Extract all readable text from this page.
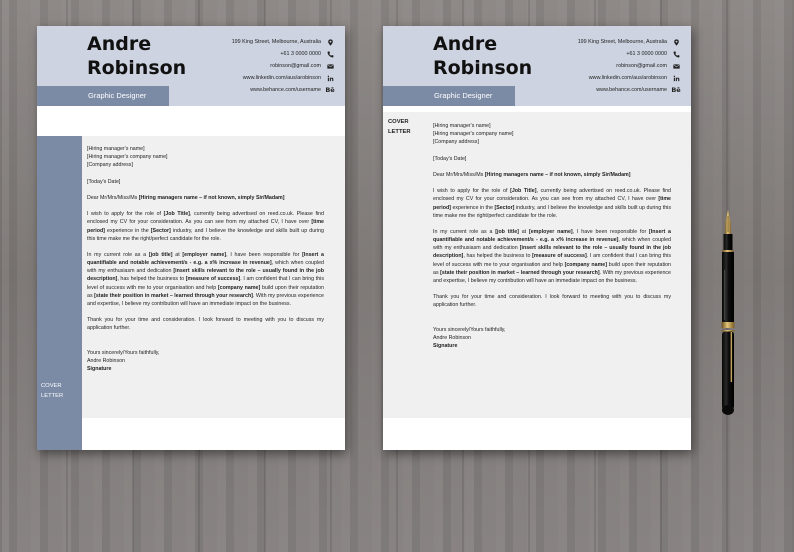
Andre
Robinson
199 King Street, Melbourne, Australia
+61 3 0000 0000
robinson@gmail.com
www.linkedin.com/aus/arobinson
www.behance.com/username Bē
Graphic Designer
COVER
LETTER
[Hiring manager's name]
[Hiring manager's company name]
[Company address]
[Today's Date]
Dear Mr/Mrs/Miss/Ms [Hiring managers name – if not known, simply Sir/Madam]
I wish to apply for the role of [Job Title], currently being advertised on reed.co.uk. Please find enclosed my CV for your consideration. As you can see from my attached CV, I have over [time period] experience in the [Sector] industry, and I believe the knowledge and skills built up during this time make me the right/perfect candidate for the role.
In my current role as a [job title] at [employer name], I have been responsible for [Insert a quantifiable and notable achievement/s - e.g. a x% increase in revenue], which when coupled with my enthusiasm and dedication [insert skills relevant to the role – usually found in the job description], has helped the business to [measure of success]. I am confident that I can bring this level of success with me to your organisation and help [company name] build upon their reputation as [state their position in market – learned through your research]. With my previous experience and expertise, I believe my contribution will have an immediate impact on the business.
Thank you for your time and consideration. I look forward to meeting with you to discuss my application further.
Yours sincerely/Yours faithfully,
Andre Robinson
Signature
Andre
Robinson
199 King Street, Melbourne, Australia
+61 3 0000 0000
robinson@gmail.com
www.linkedin.com/aus/arobinson
www.behance.com/username Bē
Graphic Designer
COVER
LETTER
[Hiring manager's name]
[Hiring manager's company name]
[Company address]
[Today's Date]
Dear Mr/Mrs/Miss/Ms [Hiring managers name – if not known, simply Sir/Madam]
I wish to apply for the role of [Job Title], currently being advertised on reed.co.uk. Please find enclosed my CV for your consideration. As you can see from my attached CV, I have over [time period] experience in the [Sector] industry, and I believe the knowledge and skills built up during this time make me the right/perfect candidate for the role.
In my current role as a [job title] at [employer name], I have been responsible for [Insert a quantifiable and notable achievement/s - e.g. a x% increase in revenue], which when coupled with my enthusiasm and dedication [insert skills relevant to the role – usually found in the job description], has helped the business to [measure of success]. I am confident that I can bring this level of success with me to your organisation and help [company name] build upon their reputation as [state their position in market – learned through your research]. With my previous experience and expertise, I believe my contribution will have an immediate impact on the business.
Thank you for your time and consideration. I look forward to meeting with you to discuss my application further.
Yours sincerely/Yours faithfully,
Andre Robinson
Signature
